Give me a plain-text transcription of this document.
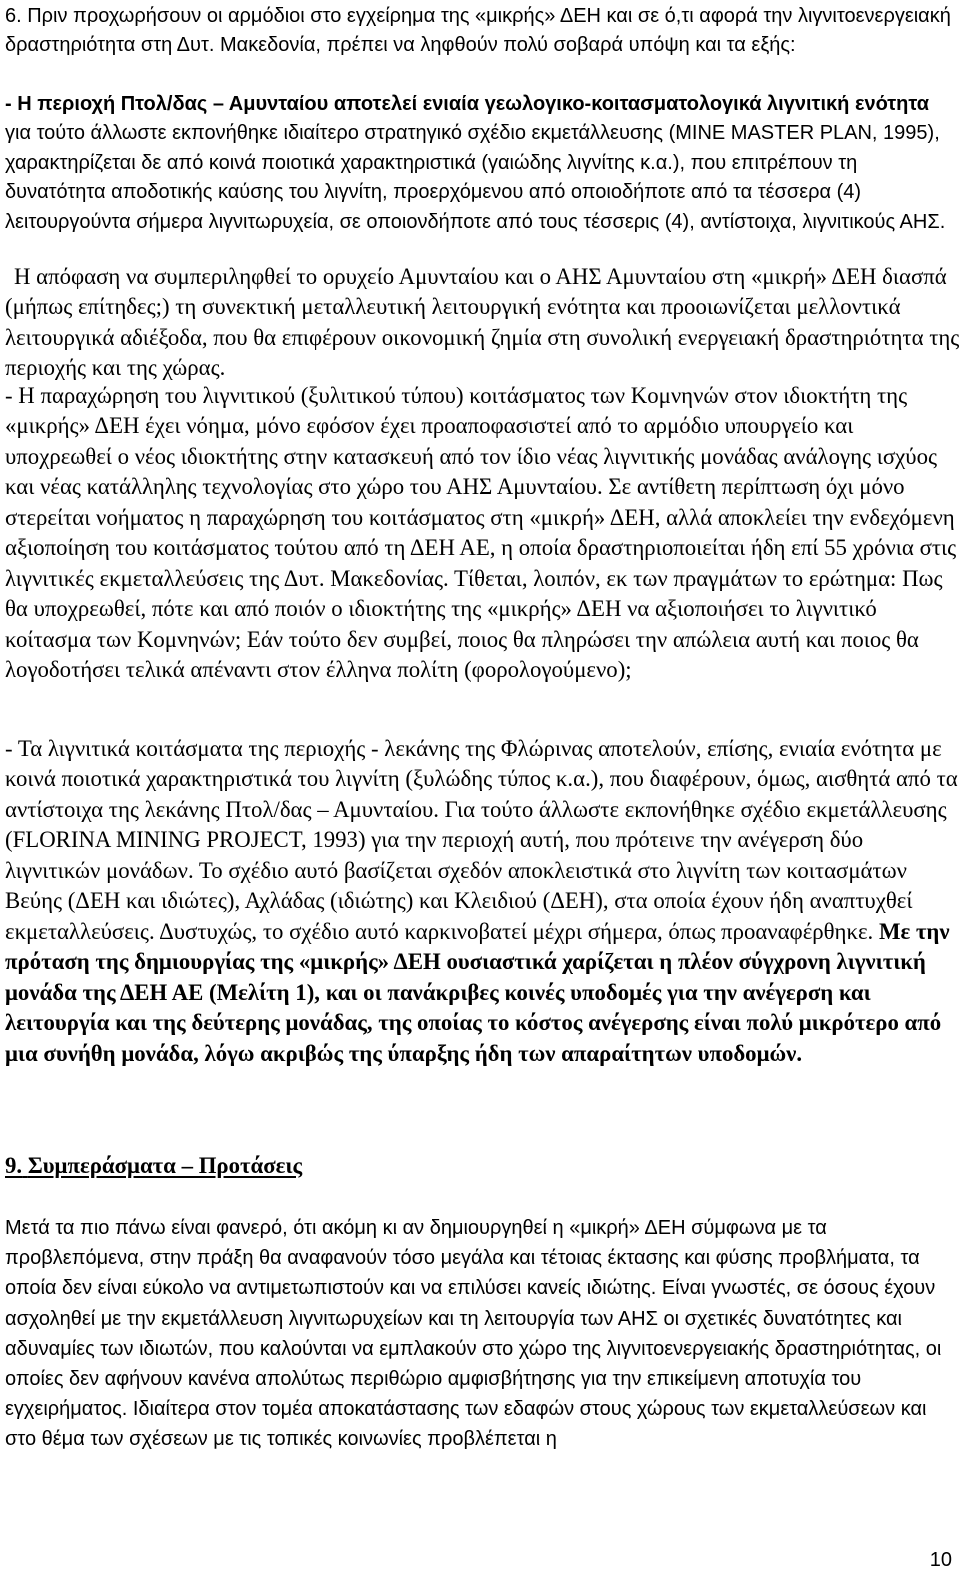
6. Πριν προχωρήσουν οι αρμόδιοι στο εγχείρημα της «μικρής» ΔΕΗ και σε ό,τι αφορά την λιγνιτοενεργειακή δραστηριότητα στη Δυτ. Μακεδονία, πρέπει να ληφθούν πολύ σοβαρά υπόψη και τα εξής:

- Η περιοχή Πτολ/δας – Αμυνταίου αποτελεί ενιαία γεωλογικο-κοιτασματολογικά λιγνιτική ενότητα για τούτο άλλωστε εκπονήθηκε ιδιαίτερο στρατηγικό σχέδιο εκμετάλλευσης (MINE MASTER PLAN, 1995), χαρακτηρίζεται δε από κοινά ποιοτικά χαρακτηριστικά (γαιώδης λιγνίτης κ.α.), που επιτρέπουν τη δυνατότητα αποδοτικής καύσης του λιγνίτη, προερχόμενου από οποιοδήποτε από τα τέσσερα (4) λειτουργούντα σήμερα λιγνιτωρυχεία, σε οποιονδήποτε από τους τέσσερις (4), αντίστοιχα, λιγνιτικούς ΑΗΣ.

Η απόφαση να συμπεριληφθεί το ορυχείο Αμυνταίου και ο ΑΗΣ Αμυνταίου στη «μικρή» ΔΕΗ διασπά (μήπως επίτηδες;) τη συνεκτική μεταλλευτική λειτουργική ενότητα και προοιωνίζεται μελλοντικά λειτουργικά αδιέξοδα, που θα επιφέρουν οικονομική ζημία στη συνολική ενεργειακή δραστηριότητα της περιοχής και της χώρας.

- Η παραχώρηση του λιγνιτικού (ξυλιτικού τύπου) κοιτάσματος των Κομνηνών στον ιδιοκτήτη της «μικρής» ΔΕΗ έχει νόημα, μόνο εφόσον έχει προαποφασιστεί από το αρμόδιο υπουργείο και υποχρεωθεί ο νέος ιδιοκτήτης στην κατασκευή από τον ίδιο νέας λιγνιτικής μονάδας ανάλογης ισχύος και νέας κατάλληλης τεχνολογίας στο χώρο του ΑΗΣ Αμυνταίου. Σε αντίθετη περίπτωση όχι μόνο στερείται νοήματος η παραχώρηση του κοιτάσματος στη «μικρή» ΔΕΗ, αλλά αποκλείει την ενδεχόμενη αξιοποίηση του κοιτάσματος τούτου από τη ΔΕΗ ΑΕ, η οποία δραστηριοποιείται ήδη επί 55 χρόνια στις λιγνιτικές εκμεταλλεύσεις της Δυτ. Μακεδονίας. Τίθεται, λοιπόν, εκ των πραγμάτων το ερώτημα: Πως θα υποχρεωθεί, πότε και από ποιόν ο ιδιοκτήτης της «μικρής» ΔΕΗ να αξιοποιήσει το λιγνιτικό κοίτασμα των Κομνηνών; Εάν τούτο δεν συμβεί, ποιος θα πληρώσει την απώλεια αυτή και ποιος θα λογοδοτήσει τελικά απέναντι στον έλληνα πολίτη (φορολογούμενο);

- Τα λιγνιτικά κοιτάσματα της περιοχής - λεκάνης της Φλώρινας αποτελούν, επίσης, ενιαία ενότητα με κοινά ποιοτικά χαρακτηριστικά του λιγνίτη (ξυλώδης τύπος κ.α.), που διαφέρουν, όμως, αισθητά από τα αντίστοιχα της λεκάνης Πτολ/δας – Αμυνταίου. Για τούτο άλλωστε εκπονήθηκε σχέδιο εκμετάλλευσης (FLORINA MINING PROJECT, 1993) για την περιοχή αυτή, που πρότεινε την ανέγερση δύο λιγνιτικών μονάδων. Το σχέδιο αυτό βασίζεται σχεδόν αποκλειστικά στο λιγνίτη των κοιτασμάτων Βεύης (ΔΕΗ και ιδιώτες), Αχλάδας (ιδιώτης) και Κλειδιού (ΔΕΗ), στα οποία έχουν ήδη αναπτυχθεί εκμεταλλεύσεις. Δυστυχώς, το σχέδιο αυτό καρκινοβατεί μέχρι σήμερα, όπως προαναφέρθηκε. Με την πρόταση της δημιουργίας της «μικρής» ΔΕΗ ουσιαστικά χαρίζεται η πλέον σύγχρονη λιγνιτική μονάδα της ΔΕΗ ΑΕ (Μελίτη 1), και οι πανάκριβες κοινές υποδομές για την ανέγερση και λειτουργία και της δεύτερης μονάδας, της οποίας το κόστος ανέγερσης είναι πολύ μικρότερο από μια συνήθη μονάδα, λόγω ακριβώς της ύπαρξης ήδη των απαραίτητων υποδομών.

9. Συμπεράσματα – Προτάσεις

Μετά τα πιο πάνω είναι φανερό, ότι ακόμη κι αν δημιουργηθεί η «μικρή» ΔΕΗ σύμφωνα με τα προβλεπόμενα, στην πράξη θα αναφανούν τόσο μεγάλα και τέτοιας έκτασης και φύσης προβλήματα, τα οποία δεν είναι εύκολο να αντιμετωπιστούν και να επιλύσει κανείς ιδιώτης. Είναι γνωστές, σε όσους έχουν ασχοληθεί με την εκμετάλλευση λιγνιτωρυχείων και τη λειτουργία των ΑΗΣ οι σχετικές δυνατότητες και αδυναμίες των ιδιωτών, που καλούνται να εμπλακούν στο χώρο της λιγνιτοενεργειακής δραστηριότητας, οι οποίες δεν αφήνουν κανένα απολύτως περιθώριο αμφισβήτησης για την επικείμενη αποτυχία του εγχειρήματος. Ιδιαίτερα στον τομέα αποκατάστασης των εδαφών στους χώρους των εκμεταλλεύσεων και στο θέμα των σχέσεων με τις τοπικές κοινωνίες προβλέπεται η

10
